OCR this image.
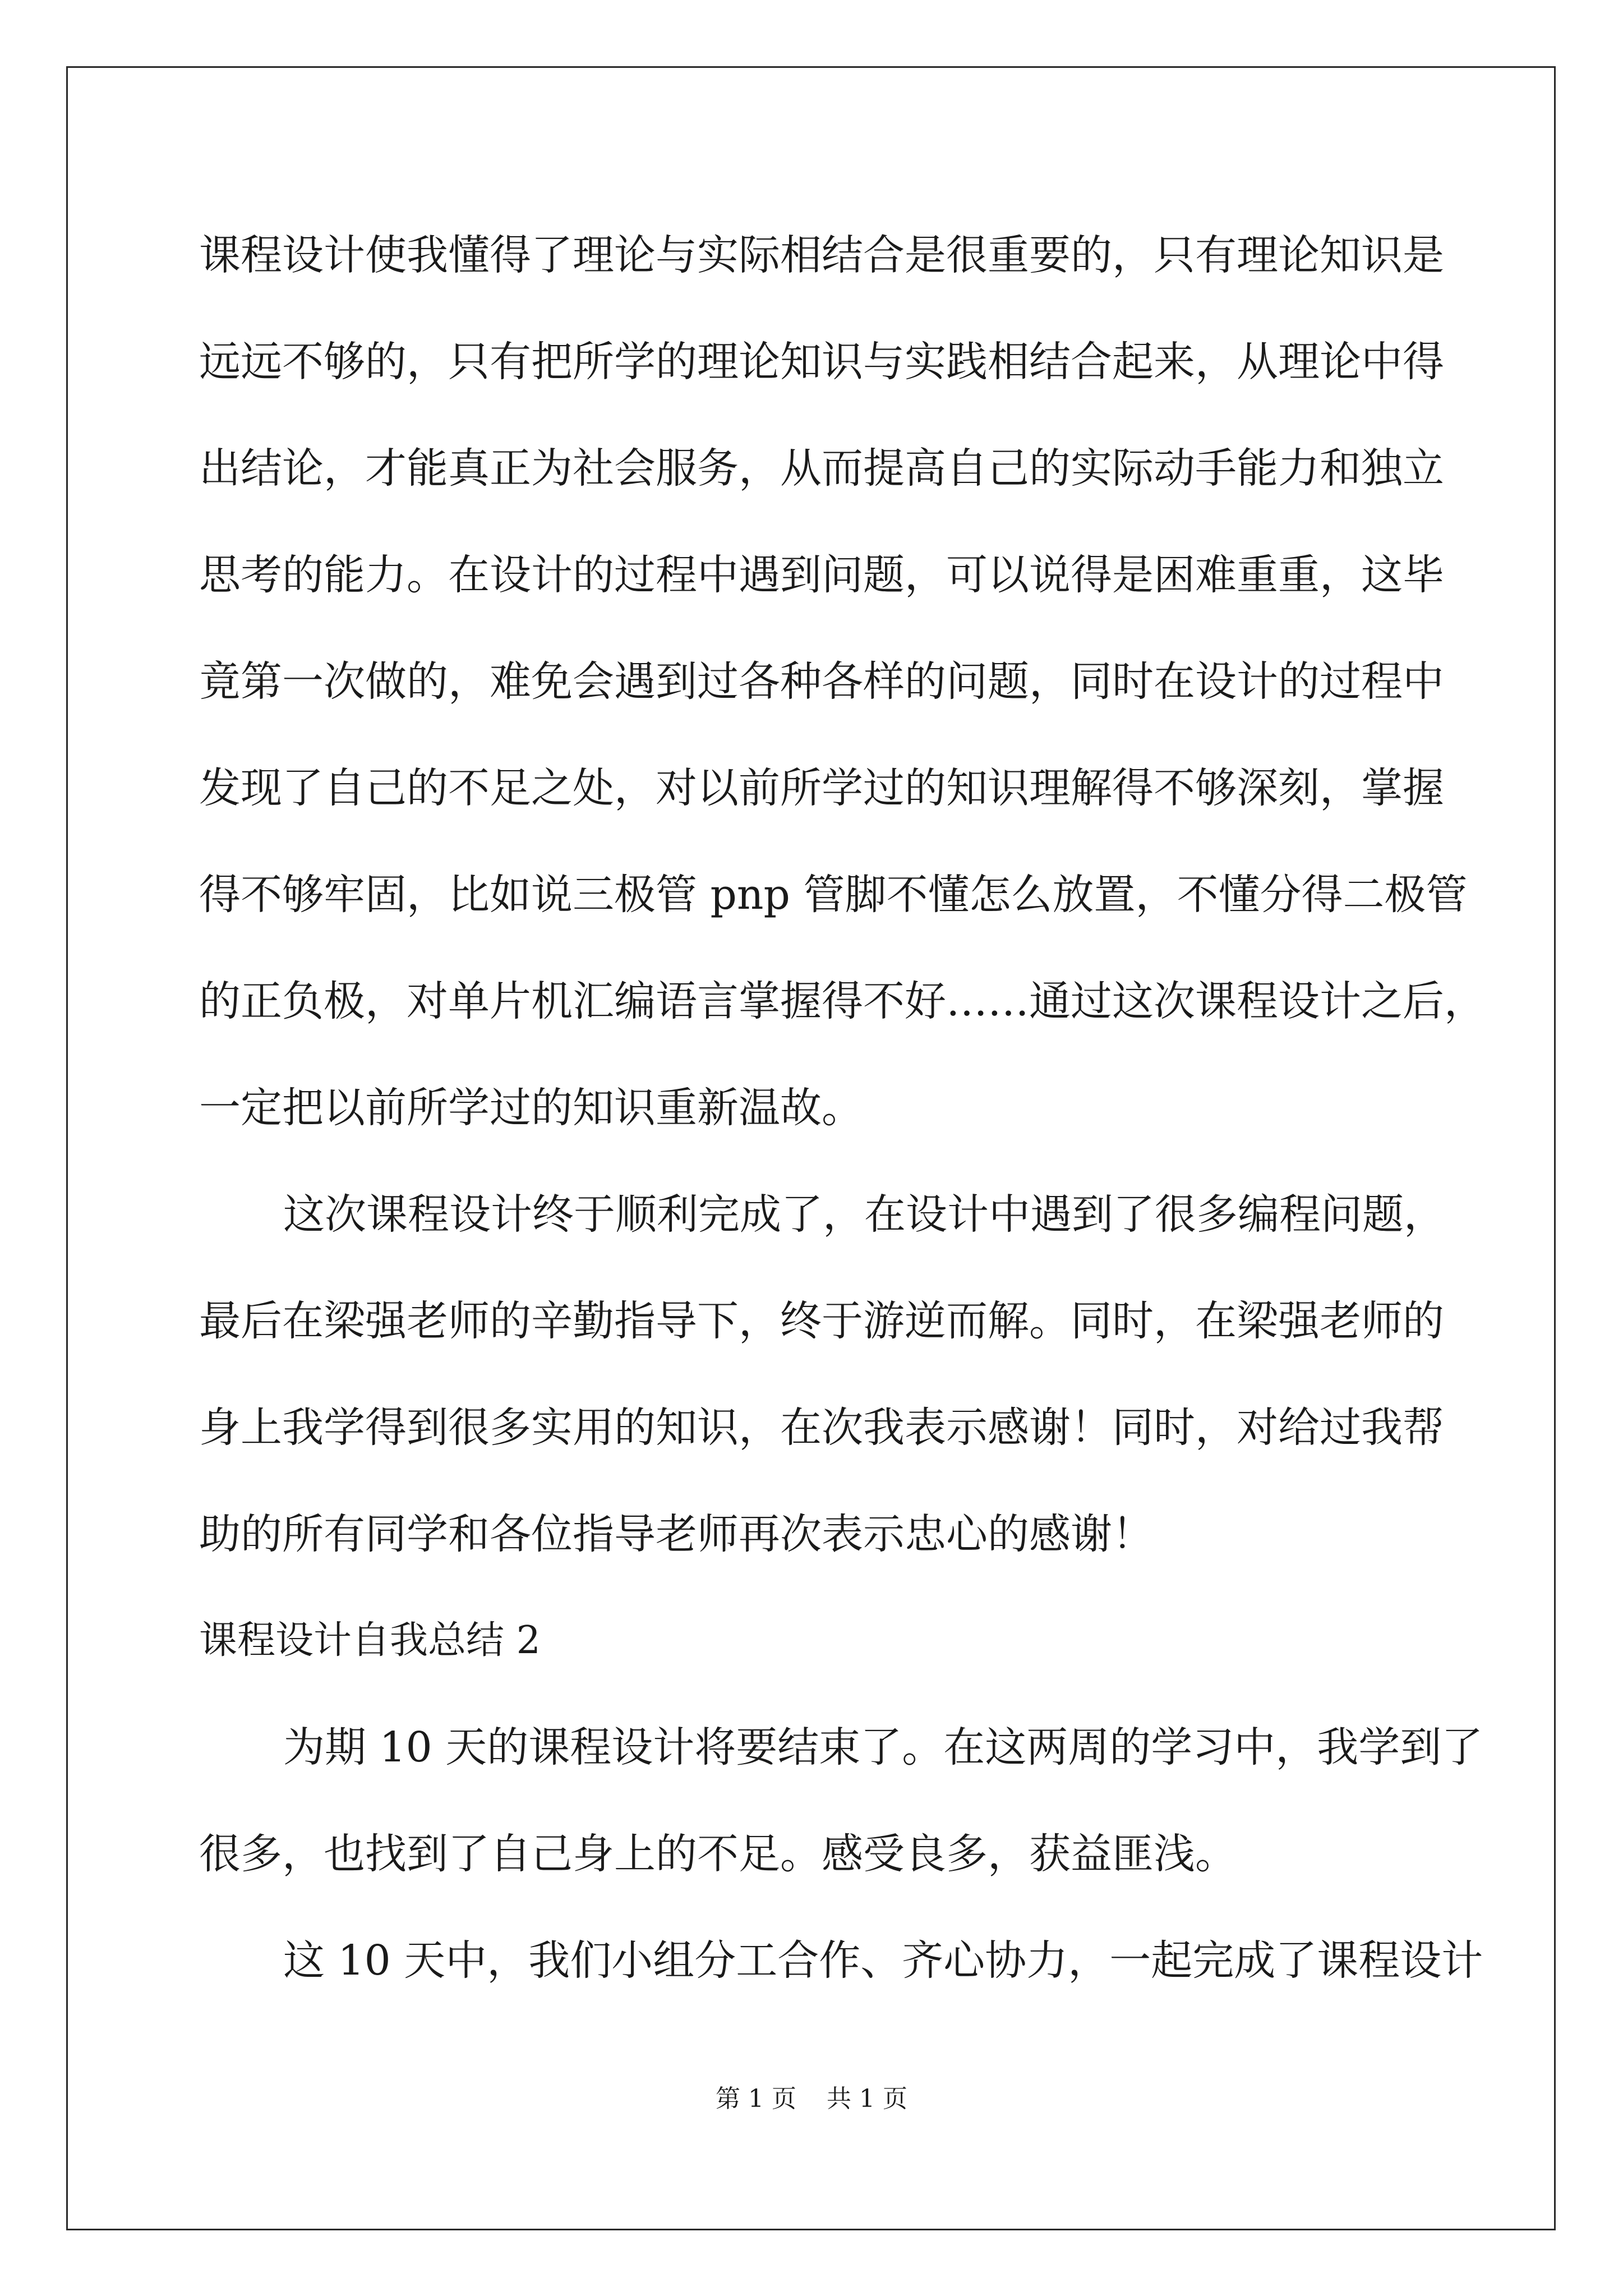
课程设计使我懂得了理论与实际相结合是很重要的，只有理论知识是
远远不够的，只有把所学的理论知识与实践相结合起来，从理论中得
出结论，才能真正为社会服务，从而提高自己的实际动手能力和独立
思考的能力。在设计的过程中遇到问题，可以说得是困难重重，这毕
竟第一次做的，难免会遇到过各种各样的问题，同时在设计的过程中
发现了自己的不足之处，对以前所学过的知识理解得不够深刻，掌握
得不够牢固，比如说三极管 pnp 管脚不懂怎么放置，不懂分得二极管
的正负极，对单片机汇编语言掌握得不好……通过这次课程设计之后，
一定把以前所学过的知识重新温故。
这次课程设计终于顺利完成了，在设计中遇到了很多编程问题，
最后在梁强老师的辛勤指导下，终于游逆而解。同时，在梁强老师的
身上我学得到很多实用的知识，在次我表示感谢！同时，对给过我帮
助的所有同学和各位指导老师再次表示忠心的感谢！
课程设计自我总结 2
为期 10 天的课程设计将要结束了。在这两周的学习中，我学到了
很多，也找到了自己身上的不足。感受良多，获益匪浅。
这 10 天中，我们小组分工合作、齐心协力，一起完成了课程设计
第 1 页 共 1 页
